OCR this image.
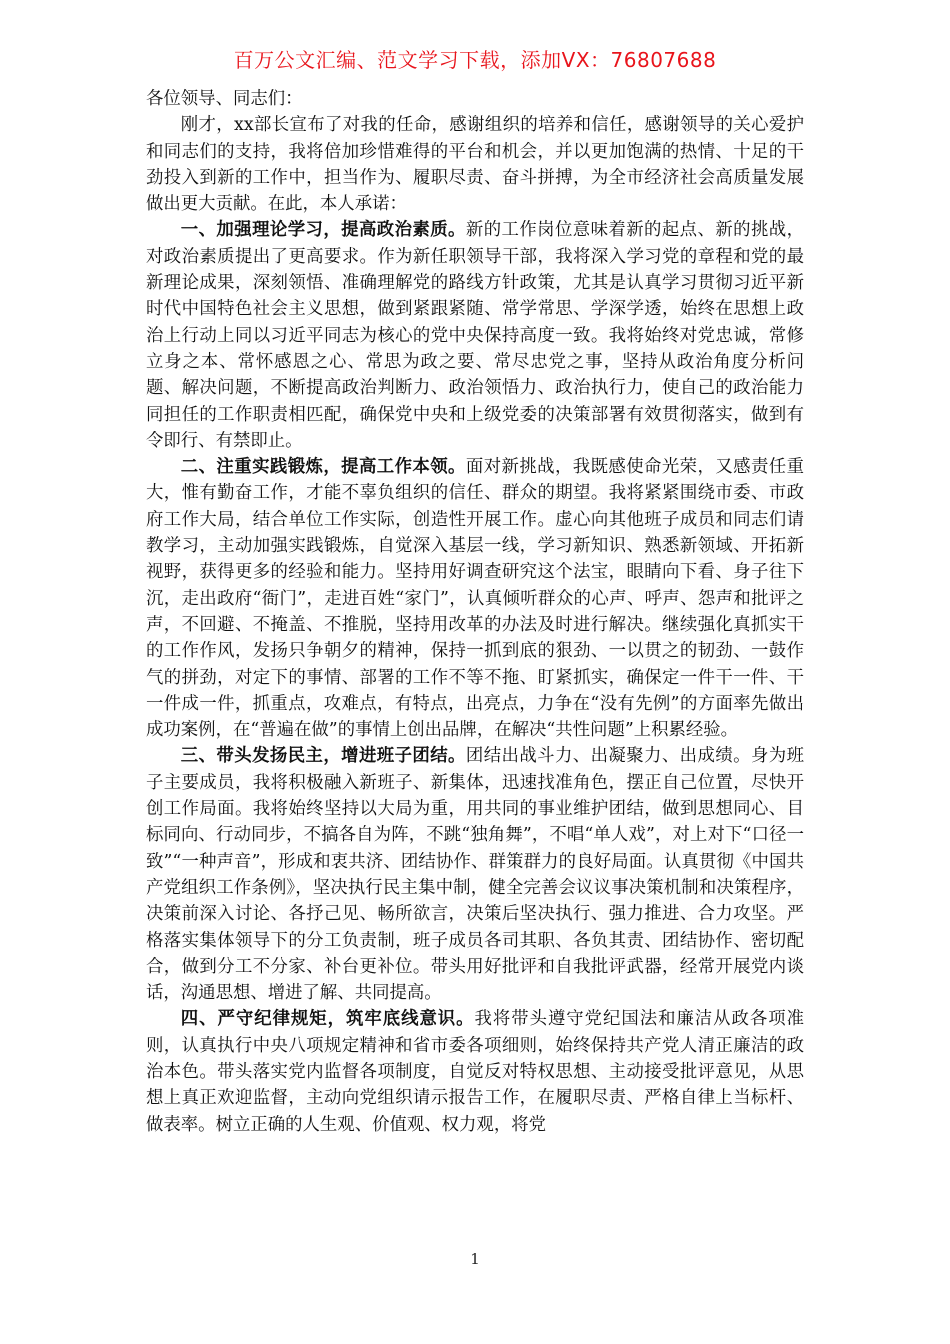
百万公文汇编、范文学习下载，添加VX：76807688

各位领导、同志们：

刚才，xx部长宣布了对我的任命，感谢组织的培养和信任，感谢领导的关心爱护和同志们的支持，我将倍加珍惜难得的平台和机会，并以更加饱满的热情、十足的干劲投入到新的工作中，担当作为、履职尽责、奋斗拼搏，为全市经济社会高质量发展做出更大贡献。在此，本人承诺：

一、加强理论学习，提高政治素质。新的工作岗位意味着新的起点、新的挑战，对政治素质提出了更高要求。作为新任职领导干部，我将深入学习党的章程和党的最新理论成果，深刻领悟、准确理解党的路线方针政策，尤其是认真学习贯彻习近平新时代中国特色社会主义思想，做到紧跟紧随、常学常思、学深学透，始终在思想上政治上行动上同以习近平同志为核心的党中央保持高度一致。我将始终对党忠诚，常修立身之本、常怀感恩之心、常思为政之要、常尽忠党之事，坚持从政治角度分析问题、解决问题，不断提高政治判断力、政治领悟力、政治执行力，使自己的政治能力同担任的工作职责相匹配，确保党中央和上级党委的决策部署有效贯彻落实，做到有令即行、有禁即止。

二、注重实践锻炼，提高工作本领。面对新挑战，我既感使命光荣，又感责任重大，惟有勤奋工作，才能不辜负组织的信任、群众的期望。我将紧紧围绕市委、市政府工作大局，结合单位工作实际，创造性开展工作。虚心向其他班子成员和同志们请教学习，主动加强实践锻炼，自觉深入基层一线，学习新知识、熟悉新领域、开拓新视野，获得更多的经验和能力。坚持用好调查研究这个法宝，眼睛向下看、身子往下沉，走出政府“衙门”，走进百姓“家门”，认真倾听群众的心声、呼声、怨声和批评之声，不回避、不掩盖、不推脱，坚持用改革的办法及时进行解决。继续强化真抓实干的工作作风，发扬只争朝夕的精神，保持一抓到底的狠劲、一以贯之的韧劲、一鼓作气的拼劲，对定下的事情、部署的工作不等不拖、盯紧抓实，确保定一件干一件、干一件成一件，抓重点，攻难点，有特点，出亮点，力争在“没有先例”的方面率先做出成功案例，在“普遍在做”的事情上创出品牌，在解决“共性问题”上积累经验。

三、带头发扬民主，增进班子团结。团结出战斗力、出凝聚力、出成绩。身为班子主要成员，我将积极融入新班子、新集体，迅速找准角色，摆正自己位置，尽快开创工作局面。我将始终坚持以大局为重，用共同的事业维护团结，做到思想同心、目标同向、行动同步，不搞各自为阵，不跳“独角舞”，不唱“单人戏”，对上对下“口径一致”“一种声音”，形成和衷共济、团结协作、群策群力的良好局面。认真贯彻《中国共产党组织工作条例》，坚决执行民主集中制，健全完善会议议事决策机制和决策程序，决策前深入讨论、各抒己见、畅所欲言，决策后坚决执行、强力推进、合力攻坚。严格落实集体领导下的分工负责制，班子成员各司其职、各负其责、团结协作、密切配合，做到分工不分家、补台更补位。带头用好批评和自我批评武器，经常开展党内谈话，沟通思想、增进了解、共同提高。

四、严守纪律规矩，筑牢底线意识。我将带头遵守党纪国法和廉洁从政各项准则，认真执行中央八项规定精神和省市委各项细则，始终保持共产党人清正廉洁的政治本色。带头落实党内监督各项制度，自觉反对特权思想、主动接受批评意见，从思想上真正欢迎监督，主动向党组织请示报告工作，在履职尽责、严格自律上当标杆、做表率。树立正确的人生观、价值观、权力观，将党

1
